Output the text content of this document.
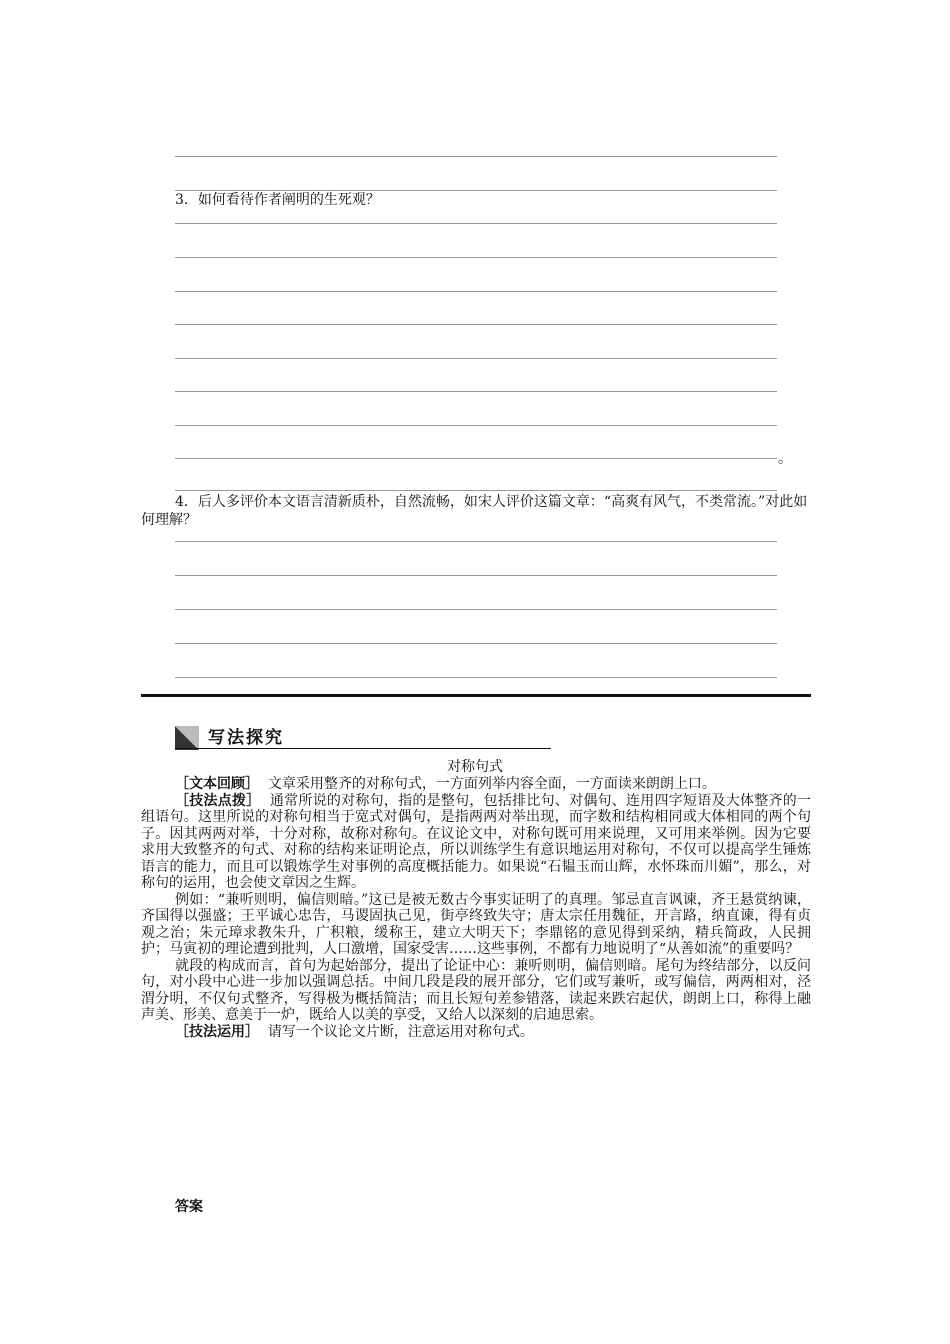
3．如何看待作者阐明的生死观？
。
4．后人多评价本文语言清新质朴，自然流畅，如宋人评价这篇文章：“高爽有风气，不类常流。”对此如何理解？
写法探究
对称句式

［文本回顾］ 文章采用整齐的对称句式，一方面列举内容全面，一方面读来朗朗上口。

［技法点拨］ 通常所说的对称句，指的是整句，包括排比句、对偶句、连用四字短语及大体整齐的一组语句。这里所说的对称句相当于宽式对偶句，是指两两对举出现，而字数和结构相同或大体相同的两个句子。因其两两对举，十分对称，故称对称句。在议论文中，对称句既可用来说理，又可用来举例。因为它要求用大致整齐的句式、对称的结构来证明论点，所以训练学生有意识地运用对称句，不仅可以提高学生锤炼语言的能力，而且可以锻炼学生对事例的高度概括能力。如果说“石韫玉而山辉，水怀珠而川媚”，那么，对称句的运用，也会使文章因之生辉。

例如：“兼听则明，偏信则暗。”这已是被无数古今事实证明了的真理。邹忌直言讽谏，齐王悬赏纳谏，齐国得以强盛；王平诚心忠告，马谡固执己见，街亭终致失守；唐太宗任用魏征，开言路，纳直谏，得有贞观之治；朱元璋求教朱升，广积粮，缓称王，建立大明天下；李鼎铭的意见得到采纳，精兵简政，人民拥护；马寅初的理论遭到批判，人口激增，国家受害……这些事例，不都有力地说明了“从善如流”的重要吗？

就段的构成而言，首句为起始部分，提出了论证中心：兼听则明，偏信则暗。尾句为终结部分，以反问句，对小段中心进一步加以强调总括。中间几段是段的展开部分，它们或写兼听，或写偏信，两两相对，泾渭分明，不仅句式整齐，写得极为概括简洁；而且长短句差参错落，读起来跌宕起伏，朗朗上口，称得上融声美、形美、意美于一炉，既给人以美的享受，又给人以深刻的启迪思索。

［技法运用］ 请写一个议论文片断，注意运用对称句式。

答案
